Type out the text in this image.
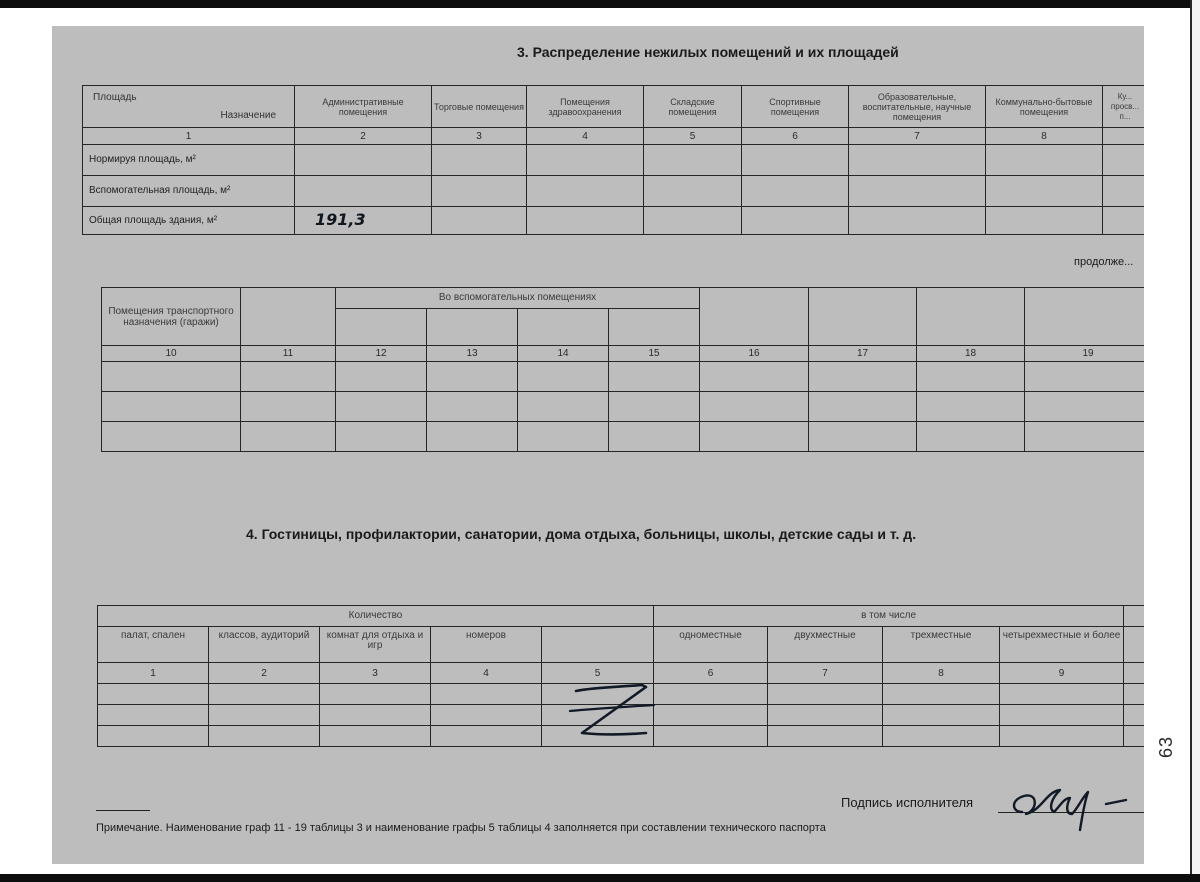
3. Распределение нежилых помещений и их площадей
Назначение
Площадь	Административные помещения	Торговые помещения	Помещения здравоохранения	Складские помещения	Спортивные помещения	Образовательные, воспитательные, научные помещения	Коммунально-бытовые помещения	Ку... просв... п...
1	2	3	4	5	6	7	8	
Нормируя площадь, м²								
Вспомогательная площадь, м²								
Общая площадь здания, м²	191,3							
продолже...
Помещения транспортного назначения (гаражи)		Во вспомогательных помещениях							

10	11	12	13	14	15	16	17	18	19

4. Гостиницы, профилактории, санатории, дома отдыха, больницы, школы, детские сады и т. д.
Количество					в том числе				
палат, спален	классов, аудиторий	комнат для отдыха и игр	номеров		одноместные	двухместные	трехместные	четырехместные и более	
1	2	3	4	5	6	7	8	9	

Подпись исполнителя
Примечание. Наименование граф 11 - 19 таблицы 3 и наименование графы 5 таблицы 4 заполняется при составлении технического паспорта
63
